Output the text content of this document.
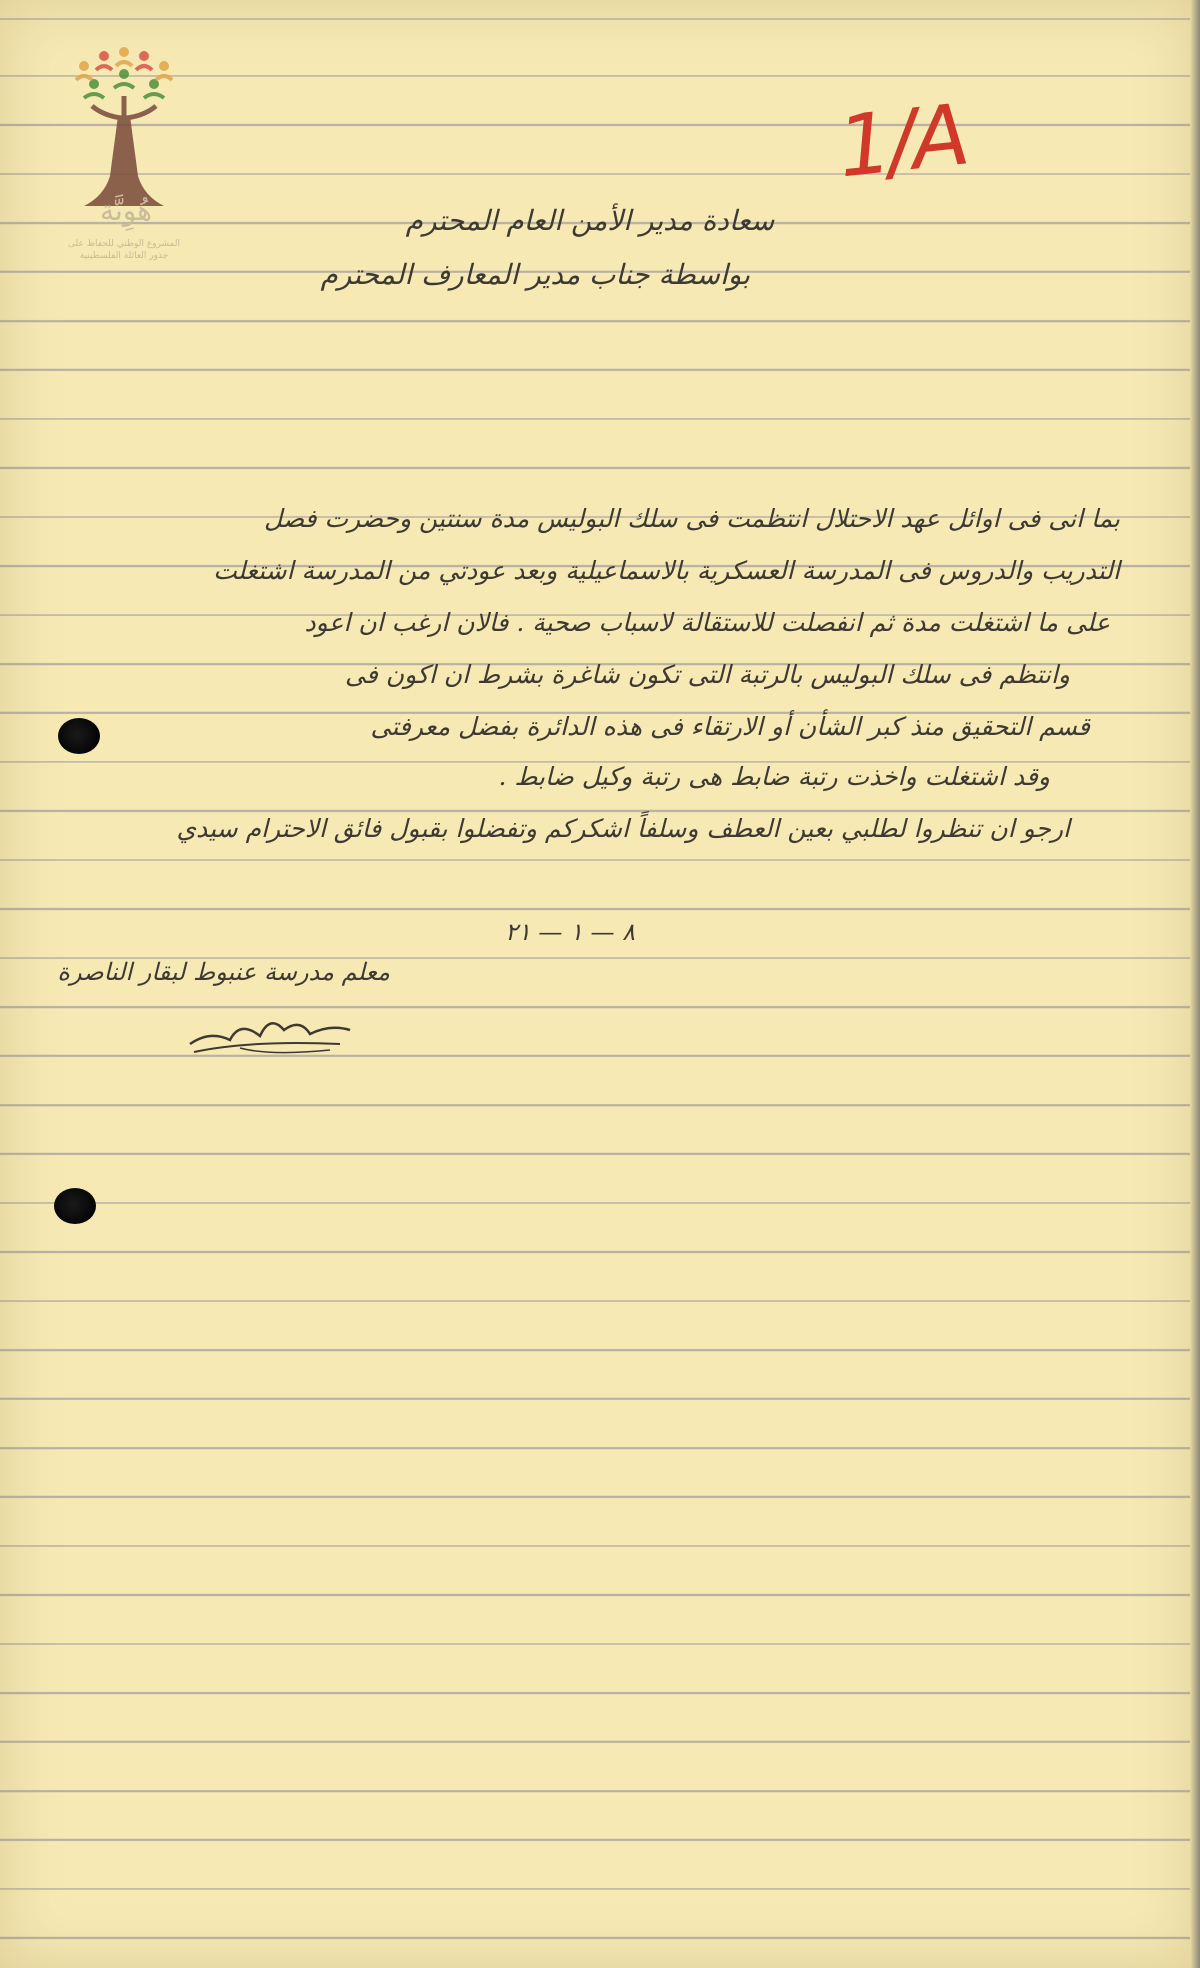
هُوِيَّة
المشروع الوطني للحفاظ على
جذور العائلة الفلسطينية
1/A
سعادة مدير الأمن العام المحترم
بواسطة جناب مدير المعارف المحترم
بما انى فى اوائل عهد الاحتلال انتظمت فى سلك البوليس مدة سنتين وحضرت فصل
التدريب والدروس فى المدرسة العسكرية بالاسماعيلية وبعد عودتي من المدرسة اشتغلت
على ما اشتغلت مدة ثم انفصلت للاستقالة لاسباب صحية . فالان ارغب ان اعود
وانتظم فى سلك البوليس بالرتبة التى تكون شاغرة بشرط ان اكون فى
قسم التحقيق منذ كبر الشأن أو الارتقاء فى هذه الدائرة بفضل معرفتى
وقد اشتغلت واخذت رتبة ضابط هى رتبة وكيل ضابط .
ارجو ان تنظروا لطلبي بعين العطف وسلفاً اشكركم وتفضلوا بقبول فائق الاحترام سيدي
٨ — ١ — ٢١
معلم مدرسة عنبوط لبقار الناصرة
